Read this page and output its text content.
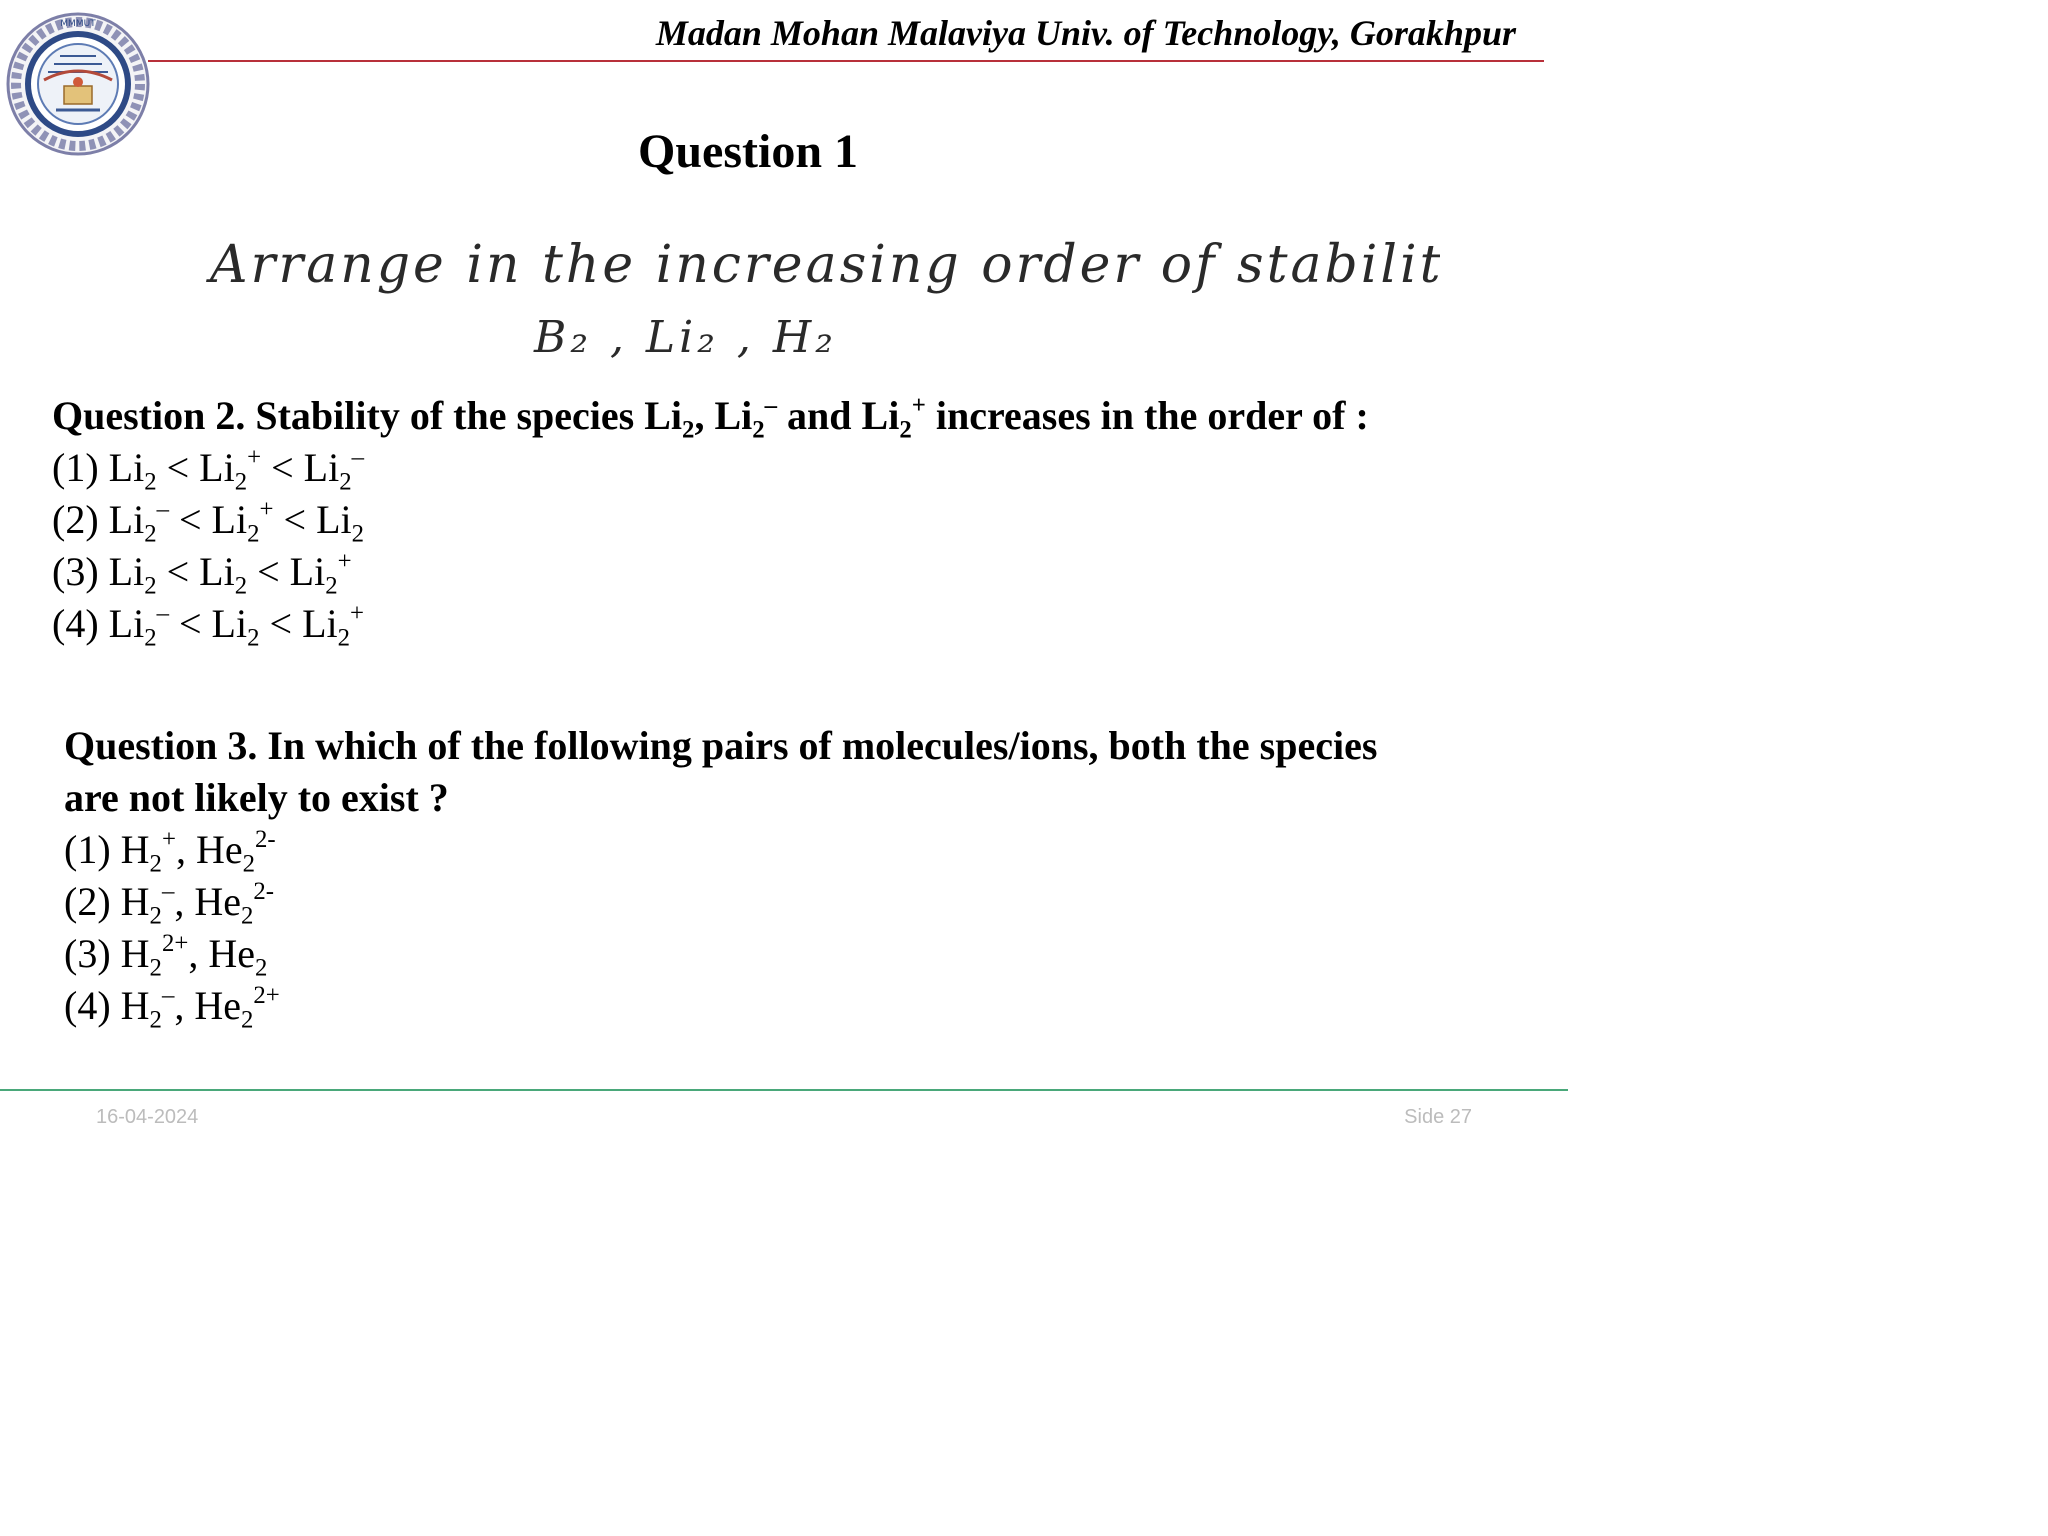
MMMUT	Madan Mohan Malaviya Univ. of Technology, Gorakhpur
Question 1
Arrange in the increasing order of stability:-
B₂ , Li₂ , H₂
Question 2. Stability of the species $Li_2$, $Li_2^-$ and $Li_2^+$ increases in the order of :
(1) $Li_2 < Li_2^+ < Li_2^-$
(2) $Li_2^- < Li_2^+ < Li_2$
(3) $Li_2 < Li_2 < Li_2^+$
(4) $Li_2^- < Li_2 < Li_2^+$
Question 3. In which of the following pairs of molecules/ions, both the species
are not likely to exist ?
(1) $H_2^+$, $He_2^{2-}$
(2) $H_2^-$, $He_2^{2-}$
(3) $H_2^{2+}$, $He_2$
(4) $H_2^-$, $He_2^{2+}$
16-04-2024	Side 27
